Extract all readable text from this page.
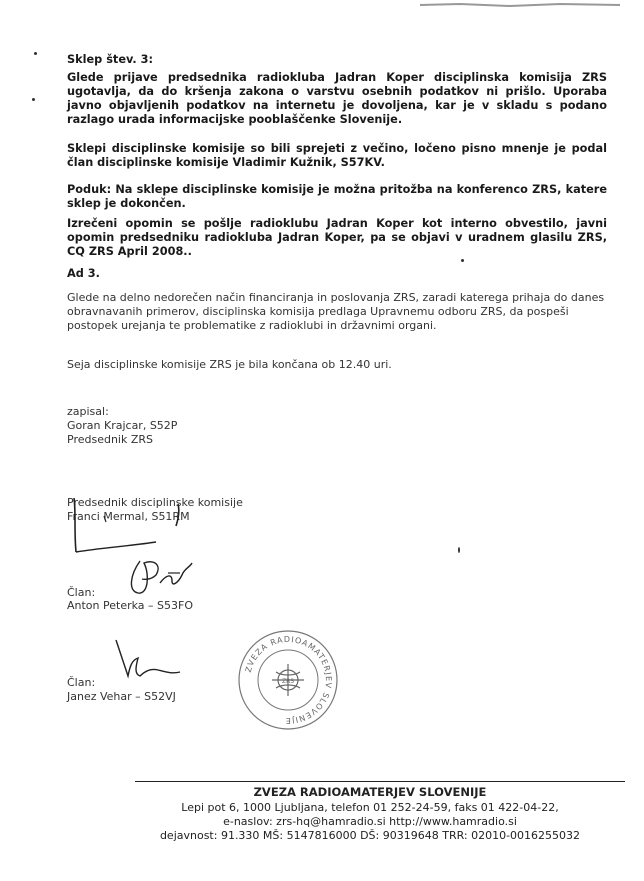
Sklep štev. 3:

Glede prijave predsednika radiokluba Jadran Koper disciplinska komisija ZRS ugotavlja, da do kršenja zakona o varstvu osebnih podatkov ni prišlo. Uporaba javno objavljenih podatkov na internetu je dovoljena, kar je v skladu s podano razlago urada informacijske pooblaščenke Slovenije.

Sklepi disciplinske komisije so bili sprejeti z večino, ločeno pisno mnenje je podal član disciplinske komisije Vladimir Kužnik, S57KV.

Poduk: Na sklepe disciplinske komisije je možna pritožba na konferenco ZRS, katere sklep je dokončen.

Izrečeni opomin se pošlje radioklubu Jadran Koper kot interno obvestilo, javni opomin predsedniku radiokluba Jadran Koper, pa se objavi v uradnem glasilu ZRS, CQ ZRS April 2008..

Ad 3.

Glede na delno nedorečen način financiranja in poslovanja ZRS, zaradi katerega prihaja do danes obravnavanih primerov, disciplinska komisija predlaga Upravnemu odboru ZRS, da pospeši postopek urejanja te problematike z radioklubi in državnimi organi.

Seja disciplinske komisije ZRS je bila končana ob 12.40 uri.

zapisal:

Goran Krajcar, S52P

Predsednik ZRS

Predsednik disciplinske komisije

Franci Mermal, S51RM

Član:

Anton Peterka – S53FO

Član:

Janez Vehar – S52VJ

ZVEZA RADIOAMATERJEV SLOVENIJE
ZRS

ZVEZA RADIOAMATERJEV SLOVENIJE

Lepi pot 6, 1000 Ljubljana, telefon 01 252-24-59, faks 01 422-04-22,

e-naslov: zrs-hq@hamradio.si http://www.hamradio.si

dejavnost: 91.330 MŠ: 5147816000 DŠ: 90319648 TRR: 02010-0016255032
